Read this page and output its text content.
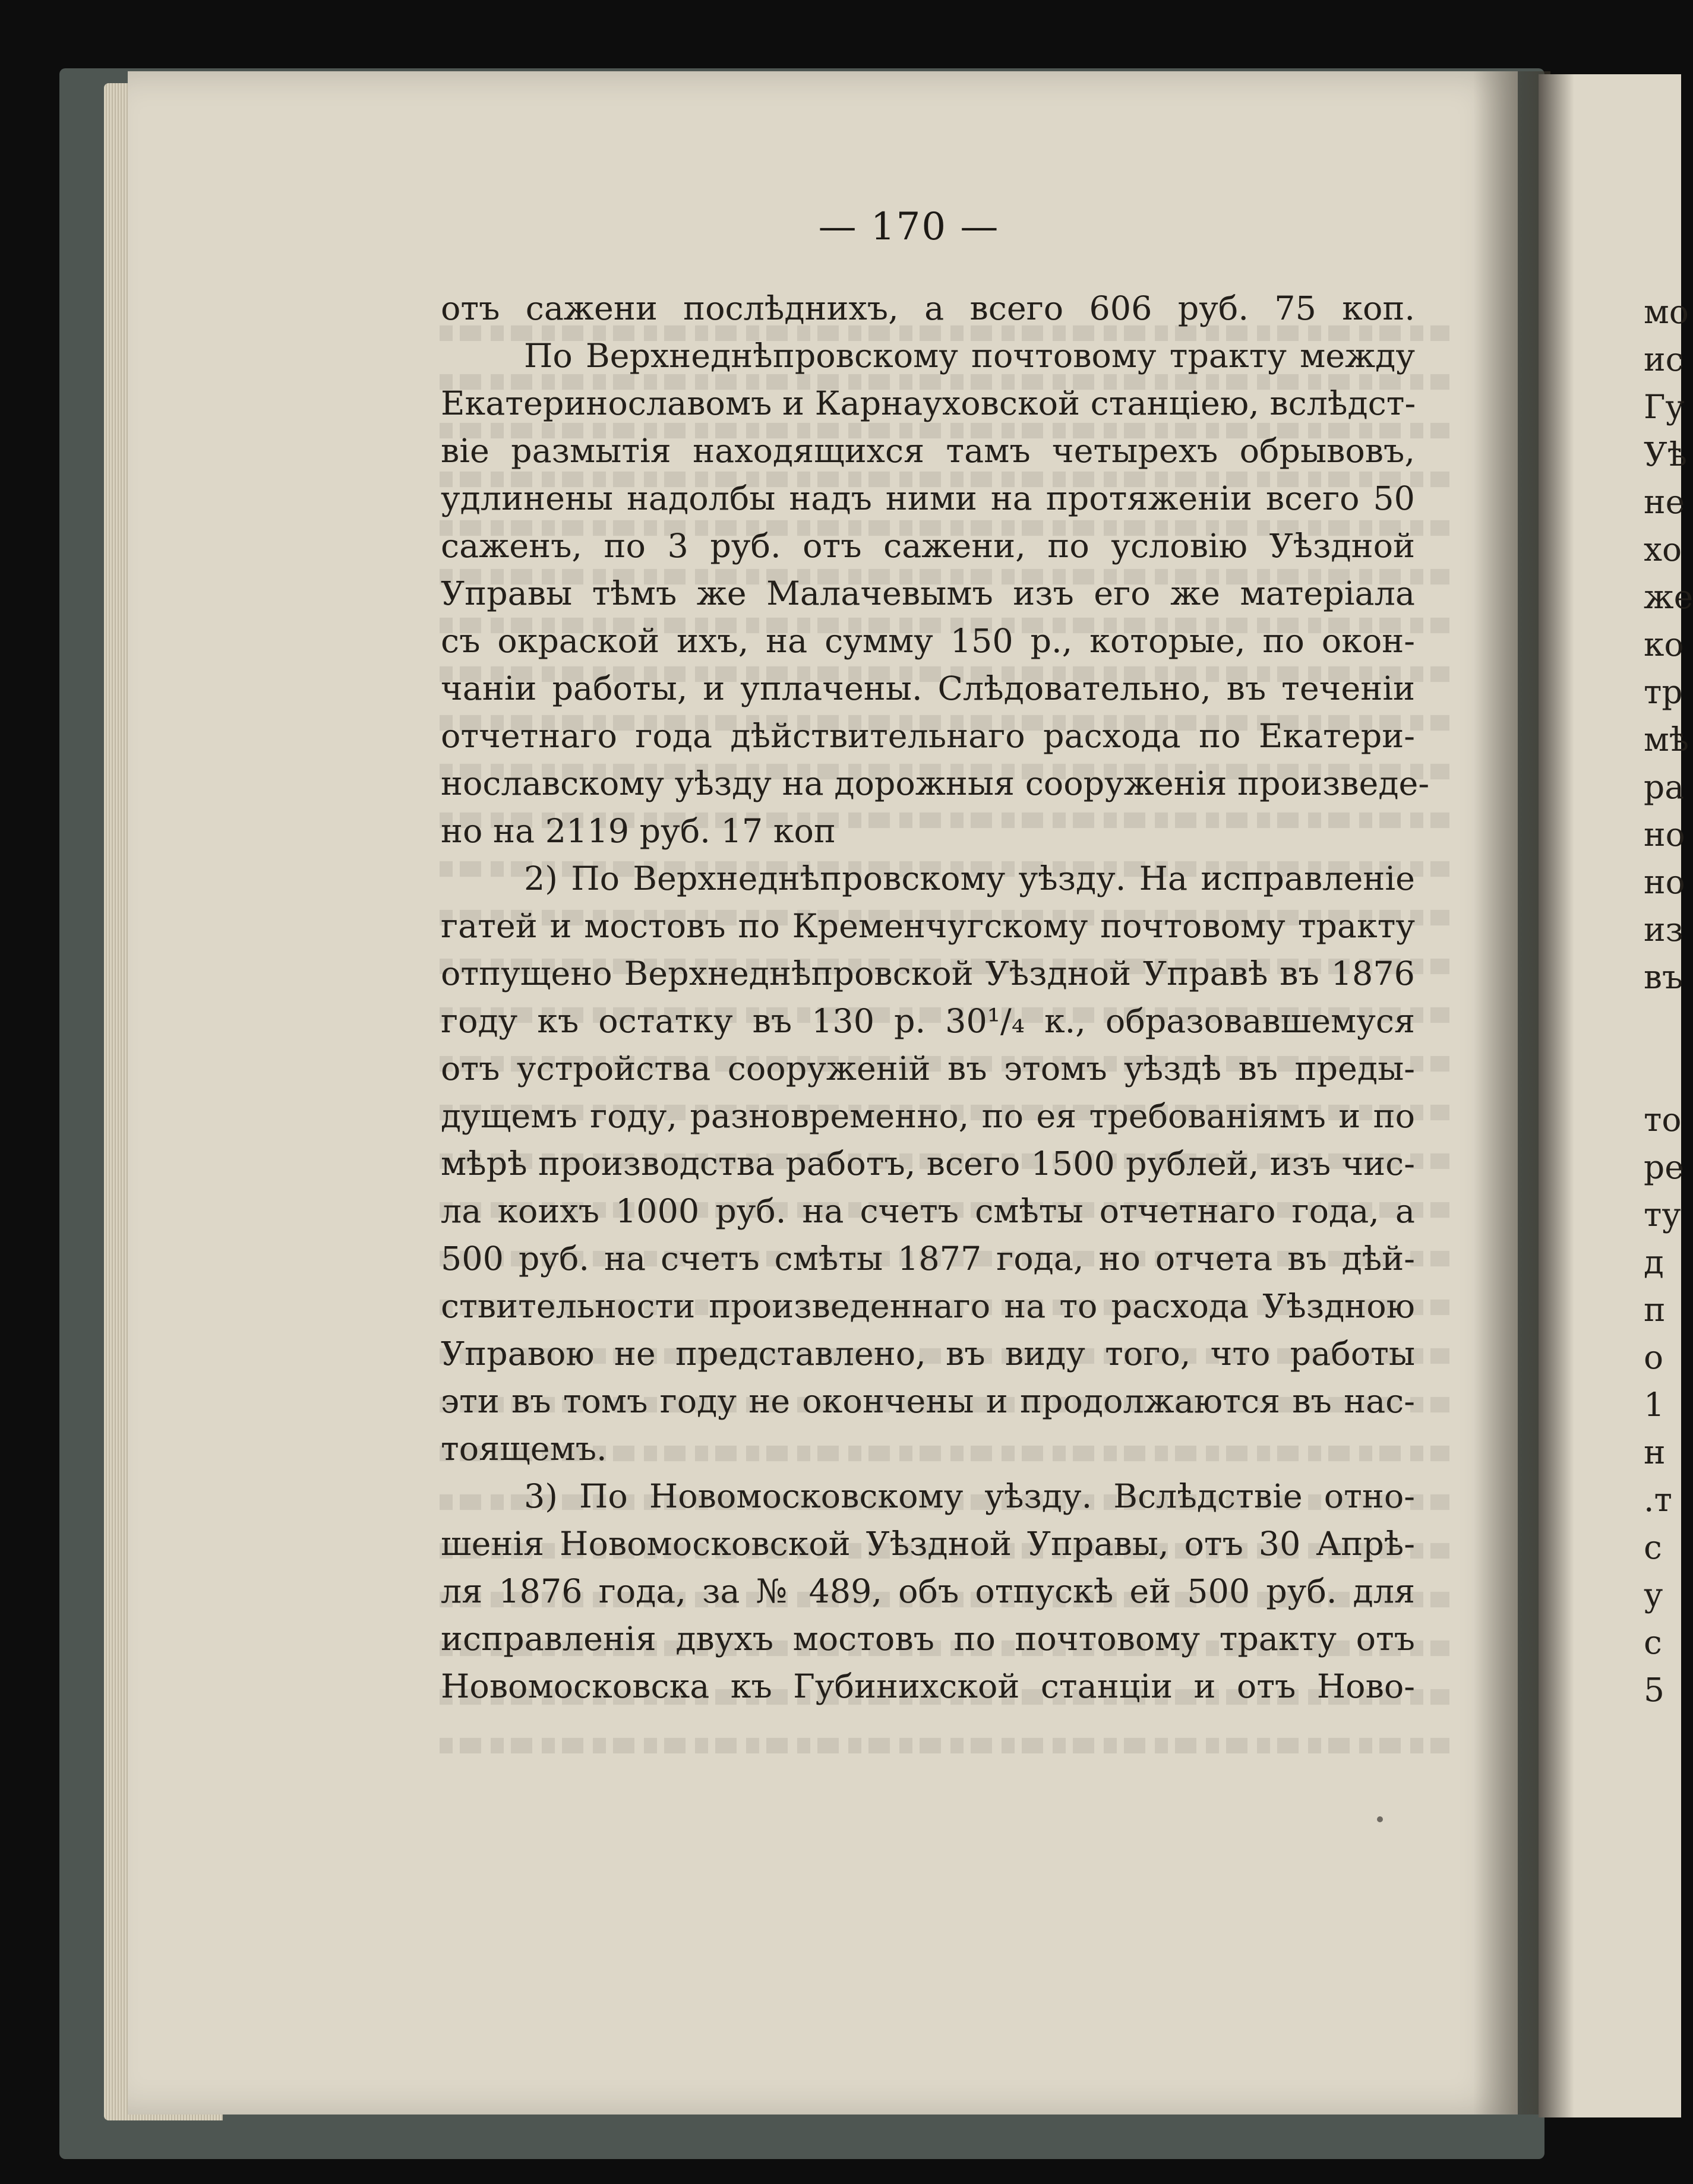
— 170 —
отъ сажени послѣднихъ, а всего 606 руб. 75 коп.
По Верхнеднѣпровскому почтовому тракту между
Екатеринославомъ и Карнауховской станціею, вслѣдст-
віе размытія находящихся тамъ четырехъ обрывовъ,
удлинены надолбы надъ ними на протяженіи всего 50
саженъ, по 3 руб. отъ сажени, по условію Уѣздной
Управы тѣмъ же Малачевымъ изъ его же матеріала
съ окраской ихъ, на сумму 150 р., которые, по окон-
чаніи работы, и уплачены. Слѣдовательно, въ теченіи
отчетнаго года дѣйствительнаго расхода по Екатери-
нославскому уѣзду на дорожныя сооруженія произведе-
но на 2119 руб. 17 коп
2) По Верхнеднѣпровскому уѣзду. На исправленіе
гатей и мостовъ по Кременчугскому почтовому тракту
отпущено Верхнеднѣпровской Уѣздной Управѣ въ 1876
году къ остатку въ 130 р. 30¹/₄ к., образовавшемуся
отъ устройства сооруженій въ этомъ уѣздѣ въ преды-
дущемъ году, разновременно, по ея требованіямъ и по
мѣрѣ производства работъ, всего 1500 рублей, изъ чис-
ла коихъ 1000 руб. на счетъ смѣты отчетнаго года, а
500 руб. на счетъ смѣты 1877 года, но отчета въ дѣй-
ствительности произведеннаго на то расхода Уѣздною
Управою не представлено, въ виду того, что работы
эти въ томъ году не окончены и продолжаются въ нас-
тоящемъ.
3) По Новомосковскому уѣзду. Вслѣдствіе отно-
шенія Новомосковской Уѣздной Управы, отъ 30 Апрѣ-
ля 1876 года, за № 489, объ отпускѣ ей 500 руб. для
исправленія двухъ мостовъ по почтовому тракту отъ
Новомосковска къ Губинихской станціи и отъ Ново-
мо
ис
Гу
Уѣ
не
хо
же
ко
тр
мѣ
ра
но
но
из
въ
то
ре
ту
д
п
о
1
н
.т
с
у
с
5
